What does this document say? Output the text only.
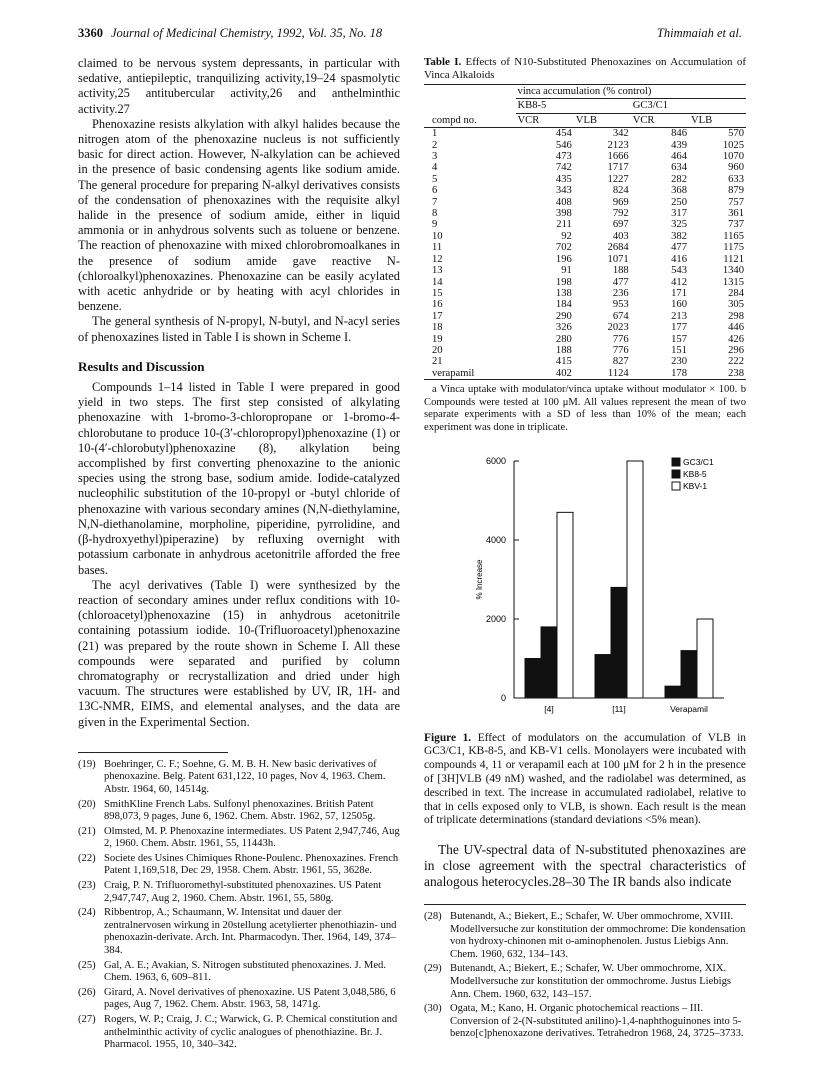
3360 Journal of Medicinal Chemistry, 1992, Vol. 35, No. 18	Thimmaiah et al.

claimed to be nervous system depressants, in particular with sedative, antiepileptic, tranquilizing activity,19–24 spasmolytic activity,25 antitubercular activity,26 and anthelminthic activity.27

Phenoxazine resists alkylation with alkyl halides because the nitrogen atom of the phenoxazine nucleus is not sufficiently basic for direct action. However, N-alkylation can be achieved in the presence of basic condensing agents like sodium amide. The general procedure for preparing N-alkyl derivatives consists of the condensation of phenoxazines with the requisite alkyl halide in the presence of sodium amide, either in liquid ammonia or in anhydrous solvents such as toluene or benzene. The reaction of phenoxazine with mixed chlorobromoalkanes in the presence of sodium amide gave reactive N-(chloroalkyl)phenoxazines. Phenoxazine can be easily acylated with acetic anhydride or by heating with acyl chlorides in benzene.

The general synthesis of N-propyl, N-butyl, and N-acyl series of phenoxazines listed in Table I is shown in Scheme I.

Results and Discussion

Compounds 1–14 listed in Table I were prepared in good yield in two steps. The first step consisted of alkylating phenoxazine with 1-bromo-3-chloropropane or 1-bromo-4-chlorobutane to produce 10-(3′-chloropropyl)phenoxazine (1) or 10-(4′-chlorobutyl)phenoxazine (8), alkylation being accomplished by first converting phenoxazine to the anionic species using the strong base, sodium amide. Iodide-catalyzed nucleophilic substitution of the 10-propyl or -butyl chloride of phenoxazine with various secondary amines (N,N-diethylamine, N,N-diethanolamine, morpholine, piperidine, pyrrolidine, and (β-hydroxyethyl)piperazine) by refluxing overnight with potassium carbonate in anhydrous acetonitrile afforded the free bases.

The acyl derivatives (Table I) were synthesized by the reaction of secondary amines under reflux conditions with 10-(chloroacetyl)phenoxazine (15) in anhydrous acetonitrile containing potassium iodide. 10-(Trifluoroacetyl)phenoxazine (21) was prepared by the route shown in Scheme I. All these compounds were separated and purified by column chromatography or recrystallization and dried under high vacuum. The structures were established by UV, IR, 1H- and 13C-NMR, EIMS, and elemental analyses, and the data are given in the Experimental Section.

(19) Boehringer, C. F.; Soehne, G. M. B. H. New basic derivatives of phenoxazine. Belg. Patent 631,122, 10 pages, Nov 4, 1963. Chem. Abstr. 1964, 60, 14514g.
(20) SmithKline French Labs. Sulfonyl phenoxazines. British Patent 898,073, 9 pages, June 6, 1962. Chem. Abstr. 1962, 57, 12505g.
(21) Olmsted, M. P. Phenoxazine intermediates. US Patent 2,947,746, Aug 2, 1960. Chem. Abstr. 1961, 55, 11443h.
(22) Societe des Usines Chimiques Rhone-Poulenc. Phenoxazines. French Patent 1,169,518, Dec 29, 1958. Chem. Abstr. 1961, 55, 3628e.
(23) Craig, P. N. Trifluoromethyl-substituted phenoxazines. US Patent 2,947,747, Aug 2, 1960. Chem. Abstr. 1961, 55, 580g.
(24) Ribbentrop, A.; Schaumann, W. Intensitat und dauer der zentralnervosen wirkung in 20stellung acetylierter phenothiazin- und phenoxazin-derivate. Arch. Int. Pharmacodyn. Ther. 1964, 149, 374–384.
(25) Gal, A. E.; Avakian, S. Nitrogen substituted phenoxazines. J. Med. Chem. 1963, 6, 609–811.
(26) Girard, A. Novel derivatives of phenoxazine. US Patent 3,048,586, 6 pages, Aug 7, 1962. Chem. Abstr. 1963, 58, 1471g.
(27) Rogers, W. P.; Craig, J. C.; Warwick, G. P. Chemical constitution and anthelminthic activity of cyclic analogues of phenothiazine. Br. J. Pharmacol. 1955, 10, 340–342.
Table I. Effects of N10-Substituted Phenoxazines on Accumulation of Vinca Alkaloids
	vinca accumulation (% control)			
	KB8-5		GC3/C1	
compd no.	VCR	VLB	VCR	VLB
1	454	342	846	570
2	546	2123	439	1025
3	473	1666	464	1070
4	742	1717	634	960
5	435	1227	282	633
6	343	824	368	879
7	408	969	250	757
8	398	792	317	361
9	211	697	325	737
10	92	403	382	1165
11	702	2684	477	1175
12	196	1071	416	1121
13	91	188	543	1340
14	198	477	412	1315
15	138	236	171	284
16	184	953	160	305
17	290	674	213	298
18	326	2023	177	446
19	280	776	157	426
20	188	776	151	296
21	415	827	230	222
verapamil	402	1124	178	238
a Vinca uptake with modulator/vinca uptake without modulator × 100. b Compounds were tested at 100 μM. All values represent the mean of two separate experiments with a SD of less than 10% of the mean; each experiment was done in triplicate.
0
2000
4000
6000
% Increase
[4]	[11]	Verapamil
GC3/C1
KB8-5
KBV-1
Figure 1. Effect of modulators on the accumulation of VLB in GC3/C1, KB-8-5, and KB-V1 cells. Monolayers were incubated with compounds 4, 11 or verapamil each at 100 μM for 2 h in the presence of [3H]VLB (49 nM) washed, and the radiolabel was determined, as described in text. The increase in accumulated radiolabel, relative to that in cells exposed only to VLB, is shown. Each result is the mean of triplicate determinations (standard deviations <5% mean).

The UV-spectral data of N-substituted phenoxazines are in close agreement with the spectral characteristics of analogous heterocycles.28–30 The IR bands also indicate

(28) Butenandt, A.; Biekert, E.; Schafer, W. Uber ommochrome, XVIII. Modellversuche zur konstitution der ommochrome: Die kondensation von hydroxy-chinonen mit o-aminophenolen. Justus Liebigs Ann. Chem. 1960, 632, 134–143.
(29) Butenandt, A.; Biekert, E.; Schafer, W. Uber ommochrome, XIX. Modellversuche zur konstitution der ommochrome. Justus Liebigs Ann. Chem. 1960, 632, 143–157.
(30) Ogata, M.; Kano, H. Organic photochemical reactions – III. Conversion of 2-(N-substituted anilino)-1,4-naphthoguinones into 5-benzo[c]phenoxazone derivatives. Tetrahedron 1968, 24, 3725–3733.
